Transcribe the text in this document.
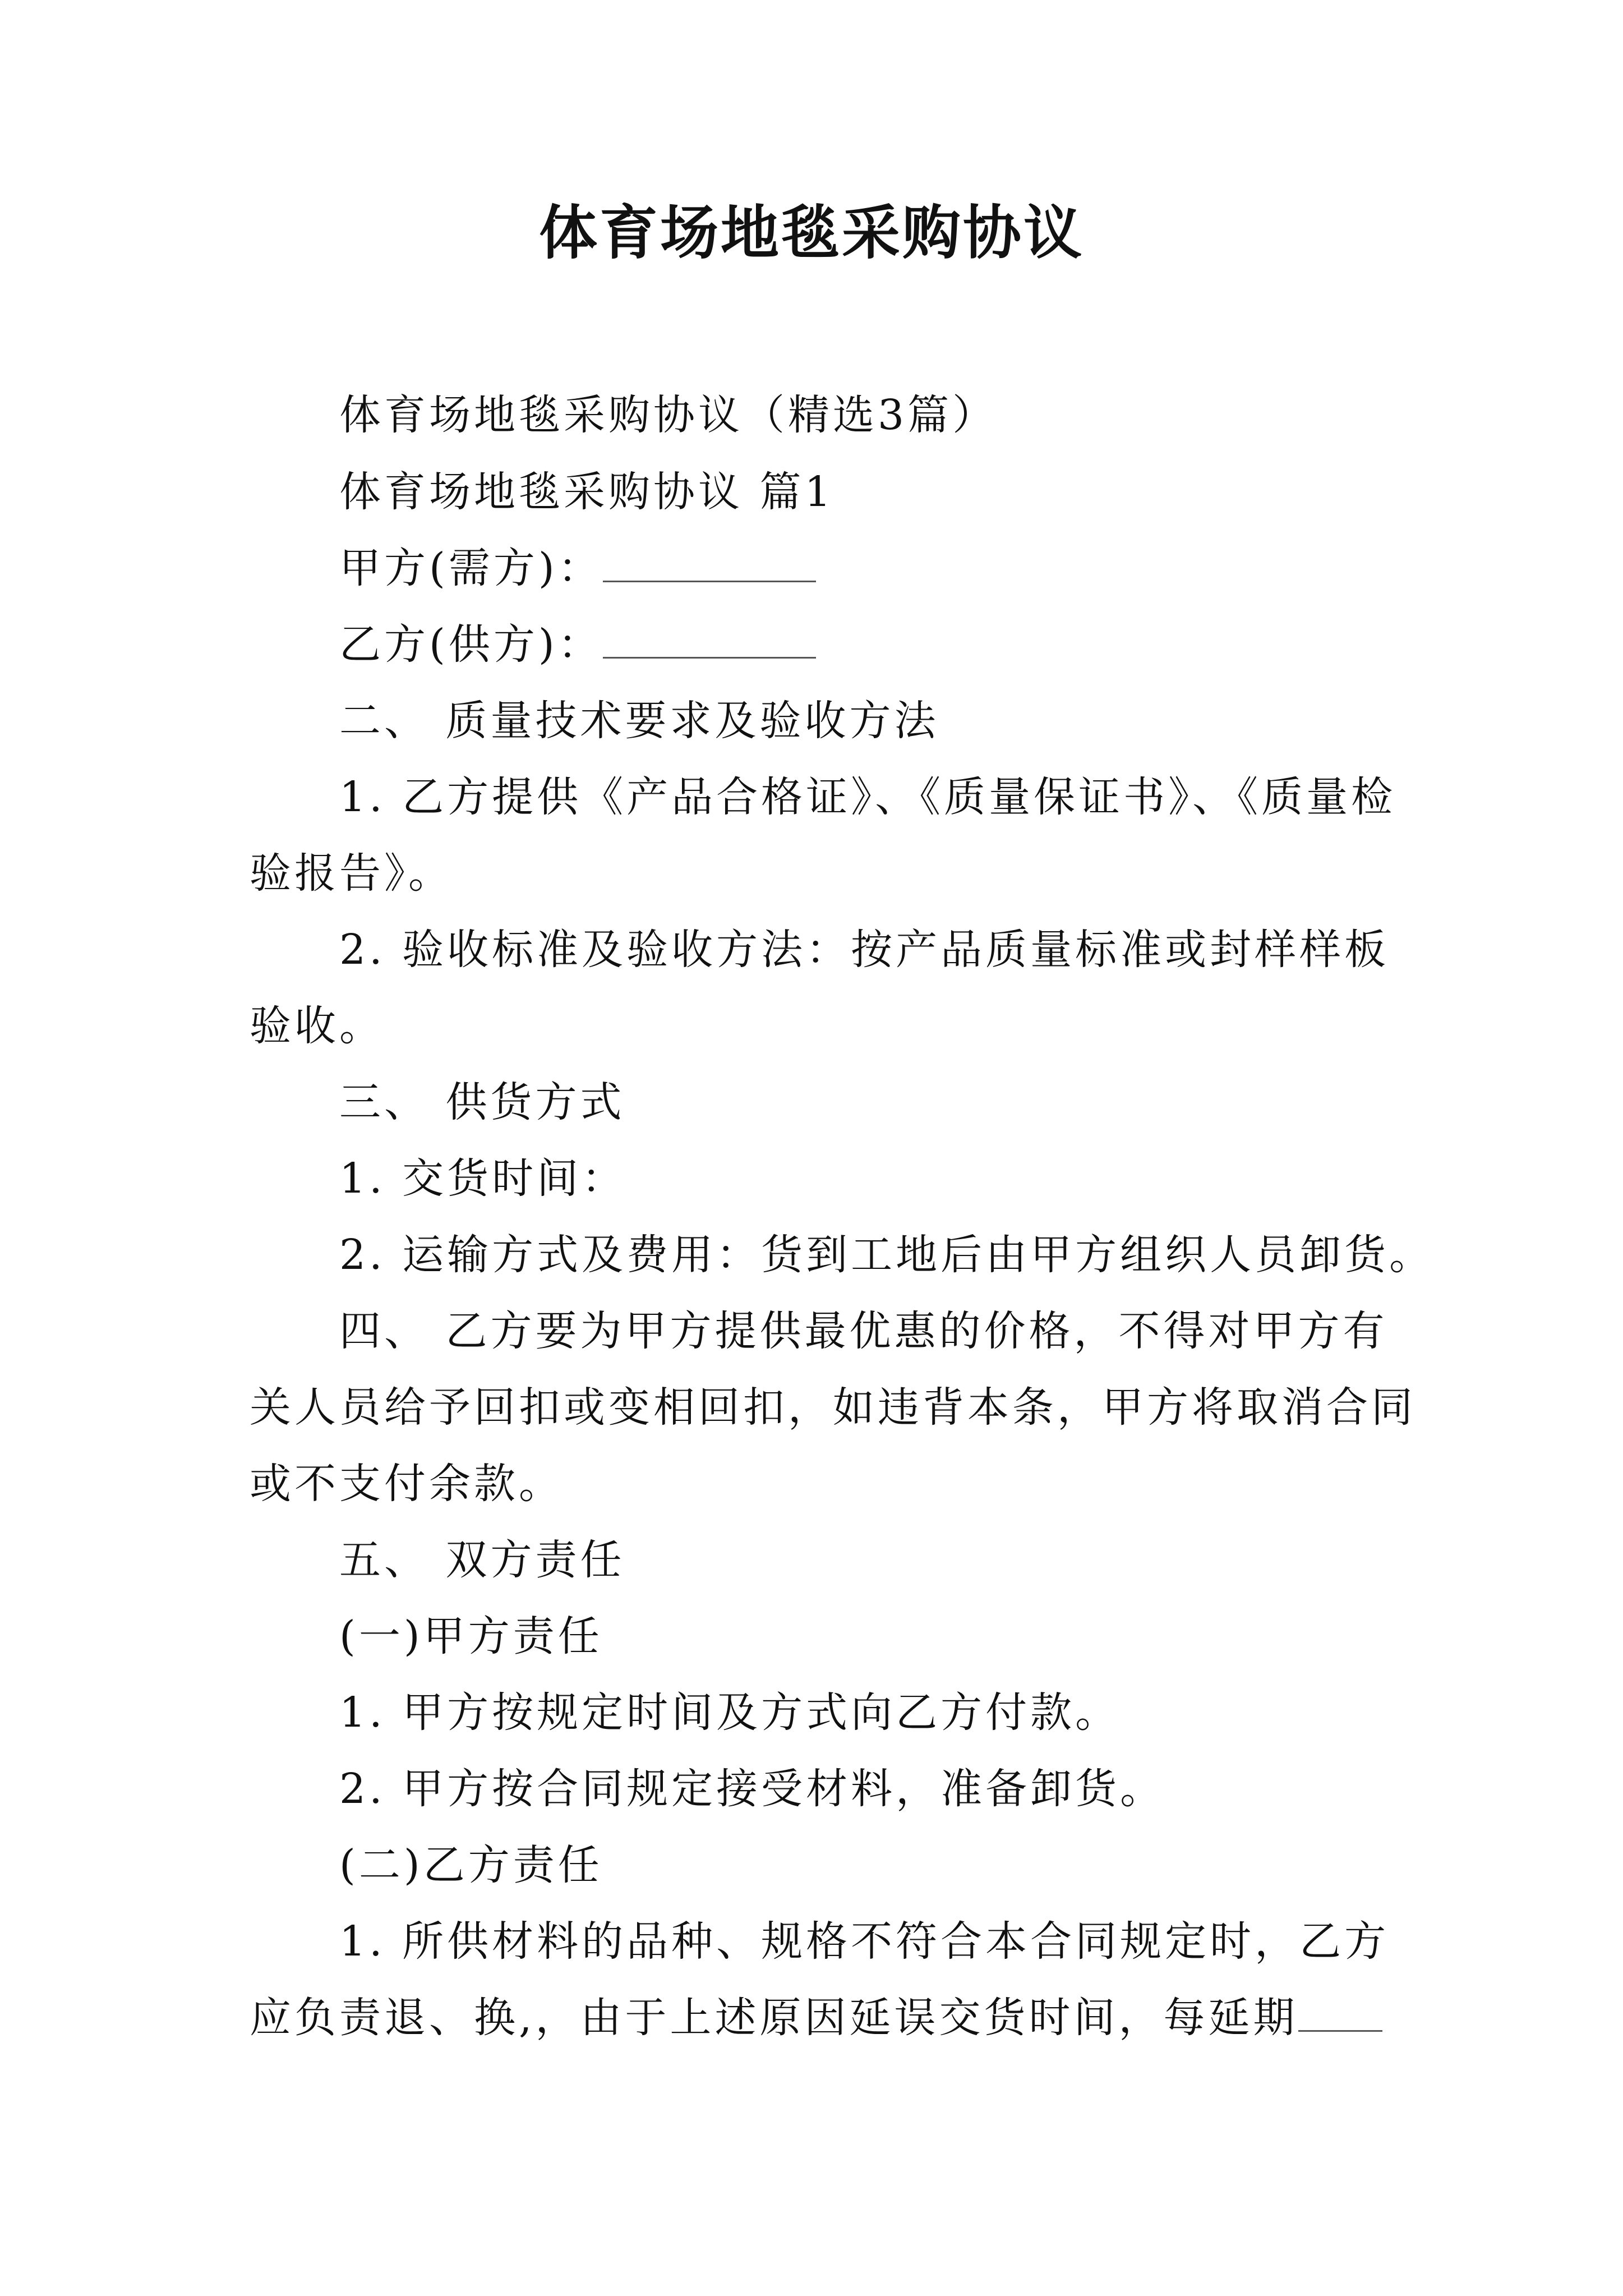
体育场地毯采购协议

体育场地毯采购协议（精选3篇）

体育场地毯采购协议 篇1

甲方(需方)：

乙方(供方)：

二、 质量技术要求及验收方法

1. 乙方提供《产品合格证》、《质量保证书》、《质量检

验报告》。

2. 验收标准及验收方法：按产品质量标准或封样样板

验收。

三、 供货方式

1. 交货时间：

2. 运输方式及费用：货到工地后由甲方组织人员卸货。

四、 乙方要为甲方提供最优惠的价格，不得对甲方有

关人员给予回扣或变相回扣，如违背本条，甲方将取消合同

或不支付余款。

五、 双方责任

(一)甲方责任

1. 甲方按规定时间及方式向乙方付款。

2. 甲方按合同规定接受材料，准备卸货。

(二)乙方责任

1. 所供材料的品种、规格不符合本合同规定时，乙方

应负责退、换,，由于上述原因延误交货时间，每延期
